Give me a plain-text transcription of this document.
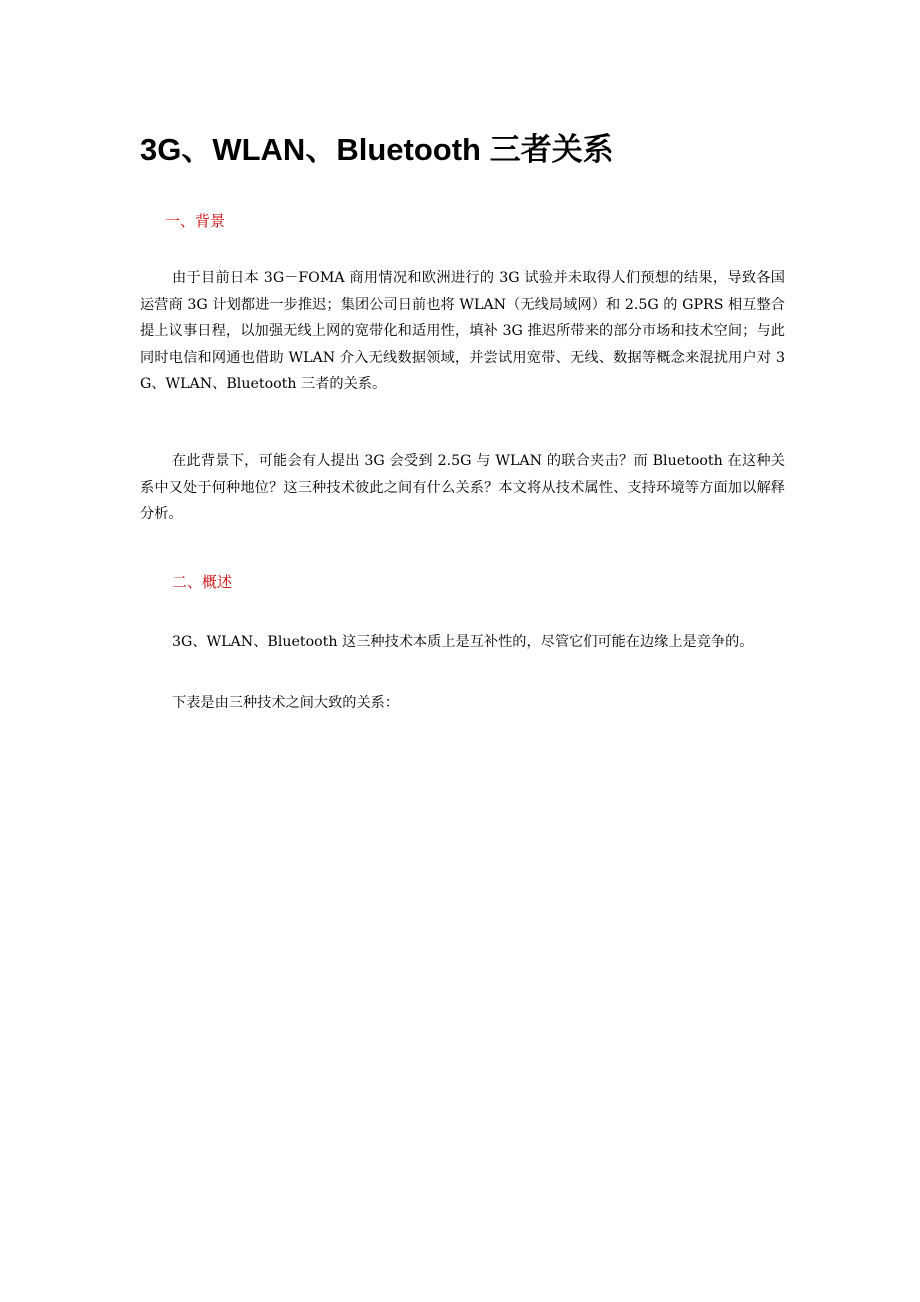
3G、WLAN、Bluetooth 三者关系
一、背景

由于目前日本 3G－FOMA 商用情况和欧洲进行的 3G 试验并未取得人们预想的结果，导致各国运营商 3G 计划都进一步推迟；集团公司日前也将 WLAN（无线局域网）和 2.5G 的 GPRS 相互整合提上议事日程，以加强无线上网的宽带化和适用性，填补 3G 推迟所带来的部分市场和技术空间；与此同时电信和网通也借助 WLAN 介入无线数据领域，并尝试用宽带、无线、数据等概念来混扰用户对 3G、WLAN、Bluetooth 三者的关系。

在此背景下，可能会有人提出 3G 会受到 2.5G 与 WLAN 的联合夹击？而 Bluetooth 在这种关系中又处于何种地位？这三种技术彼此之间有什么关系？本文将从技术属性、支持环境等方面加以解释分析。

二、概述

3G、WLAN、Bluetooth 这三种技术本质上是互补性的，尽管它们可能在边缘上是竞争的。

下表是由三种技术之间大致的关系：
